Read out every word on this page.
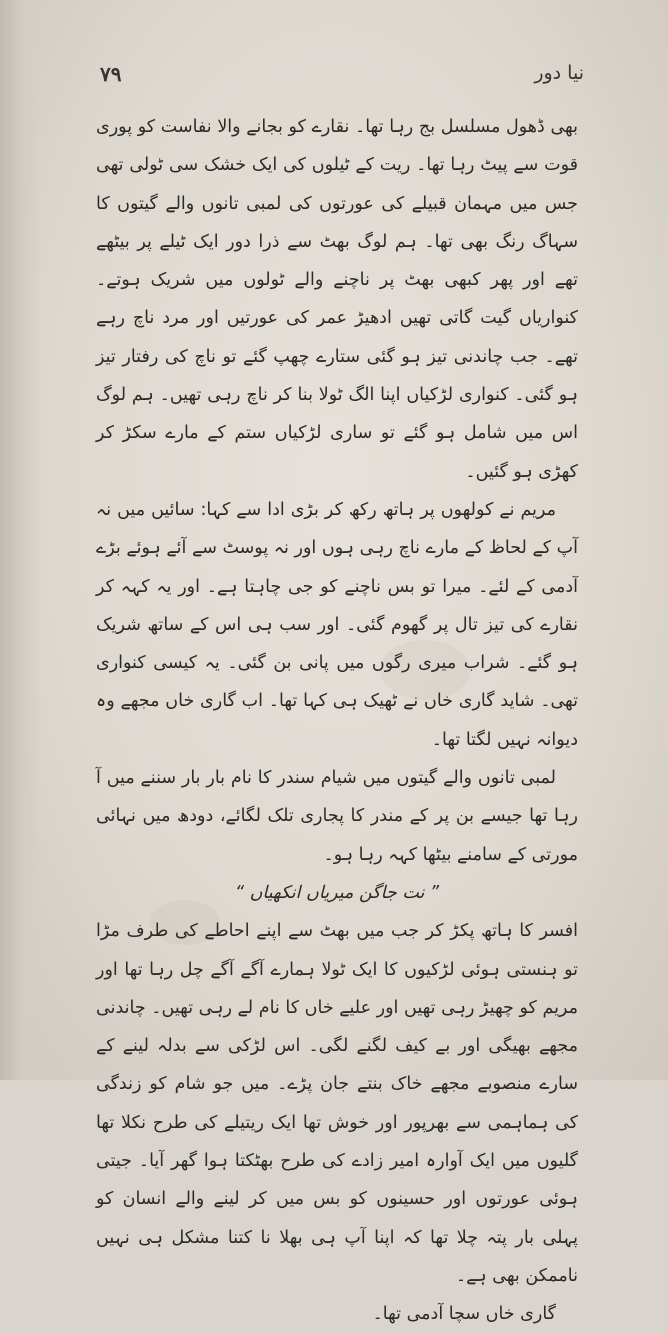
۷۹	نیا دور

بھی ڈھول مسلسل بج رہا تھا۔ نقارے کو بجانے والا نفاست کو پوری قوت سے پیٹ رہا تھا۔ ریت کے ٹیلوں کی ایک خشک سی ٹولی تھی جس میں مہمان قبیلے کی عورتوں کی لمبی تانوں والے گیتوں کا سہاگ رنگ بھی تھا۔ ہم لوگ بھٹ سے ذرا دور ایک ٹیلے پر بیٹھے تھے اور پھر کبھی بھٹ پر ناچنے والے ٹولوں میں شریک ہوتے۔ کنواریاں گیت گاتی تھیں ادھیڑ عمر کی عورتیں اور مرد ناچ رہے تھے۔ جب چاندنی تیز ہو گئی ستارے چھپ گئے تو ناچ کی رفتار تیز ہو گئی۔ کنواری لڑکیاں اپنا الگ ٹولا بنا کر ناچ رہی تھیں۔ ہم لوگ اس میں شامل ہو گئے تو ساری لڑکیاں ستم کے مارے سکڑ کر کھڑی ہو گئیں۔

مریم نے کولھوں پر ہاتھ رکھ کر بڑی ادا سے کہا: سائیں میں نہ آپ کے لحاظ کے مارے ناچ رہی ہوں اور نہ پوسٹ سے آئے ہوئے بڑے آدمی کے لئے۔ میرا تو بس ناچنے کو جی چاہتا ہے۔ اور یہ کہہ کر نقارے کی تیز تال پر گھوم گئی۔ اور سب ہی اس کے ساتھ شریک ہو گئے۔ شراب میری رگوں میں پانی بن گئی۔ یہ کیسی کنواری تھی۔ شاید گاری خاں نے ٹھیک ہی کہا تھا۔ اب گاری خاں مجھے وہ دیوانہ نہیں لگتا تھا۔

لمبی تانوں والے گیتوں میں شیام سندر کا نام بار بار سننے میں آ رہا تھا جیسے بن پر کے مندر کا پجاری تلک لگائے، دودھ میں نہائی مورتی کے سامنے بیٹھا کہہ رہا ہو۔

” نت جاگن میریاں انکھیاں “

افسر کا ہاتھ پکڑ کر جب میں بھٹ سے اپنے احاطے کی طرف مڑا تو ہنستی ہوئی لڑکیوں کا ایک ٹولا ہمارے آگے آگے چل رہا تھا اور مریم کو چھیڑ رہی تھیں اور علیے خاں کا نام لے رہی تھیں۔ چاندنی مجھے بھیگی اور بے کیف لگنے لگی۔ اس لڑکی سے بدلہ لینے کے سارے منصوبے مجھے خاک بنتے جان پڑے۔ میں جو شام کو زندگی کی ہماہمی سے بھرپور اور خوش تھا ایک ریتیلے کی طرح نکلا تھا گلیوں میں ایک آوارہ امیر زادے کی طرح بھٹکتا ہوا گھر آیا۔ جیتی ہوئی عورتوں اور حسینوں کو بس میں کر لینے والے انسان کو پہلی بار پتہ چلا تھا کہ اپنا آپ ہی بھلا نا کتنا مشکل ہی نہیں ناممکن بھی ہے۔

گاری خاں سچا آدمی تھا۔
